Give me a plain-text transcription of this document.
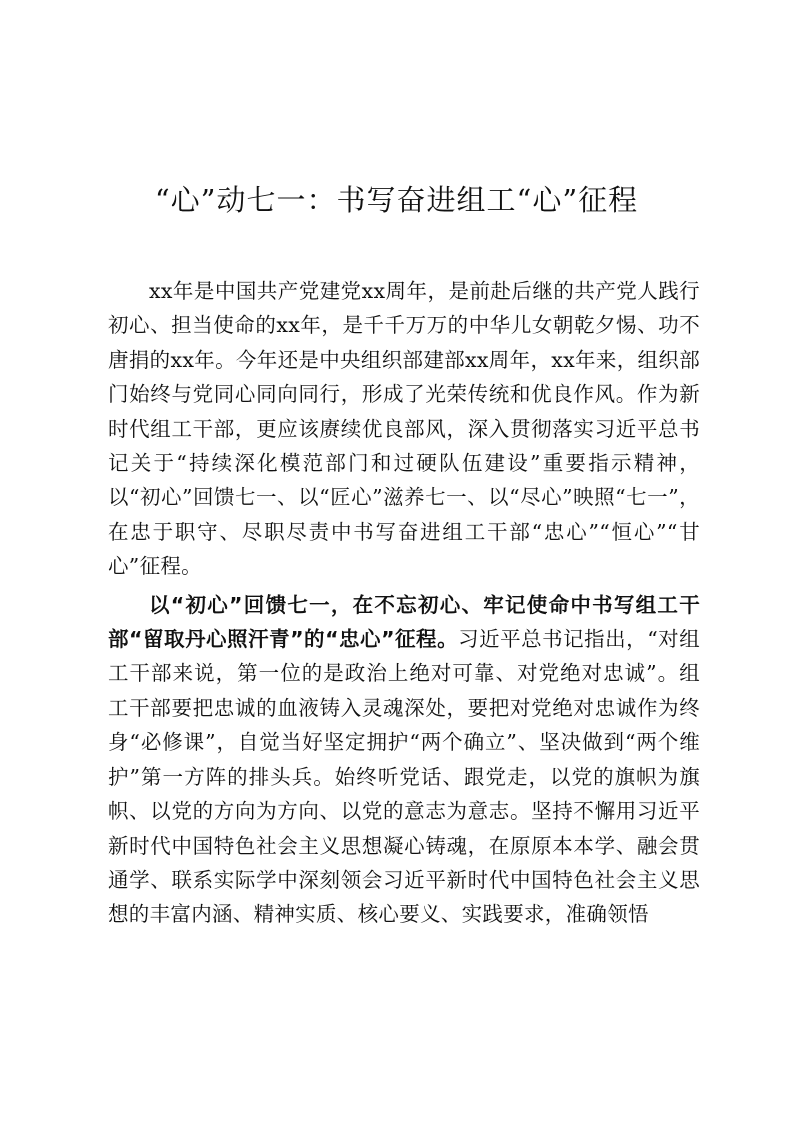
“心”动七一：书写奋进组工“心”征程

xx年是中国共产党建党xx周年，是前赴后继的共产党人践行初心、担当使命的xx年，是千千万万的中华儿女朝乾夕惕、功不唐捐的xx年。今年还是中央组织部建部xx周年，xx年来，组织部门始终与党同心同向同行，形成了光荣传统和优良作风。作为新时代组工干部，更应该赓续优良部风，深入贯彻落实习近平总书记关于“持续深化模范部门和过硬队伍建设”重要指示精神，以“初心”回馈七一、以“匠心”滋养七一、以“尽心”映照“七一”，在忠于职守、尽职尽责中书写奋进组工干部“忠心”“恒心”“甘心”征程。

以“初心”回馈七一，在不忘初心、牢记使命中书写组工干部“留取丹心照汗青”的“忠心”征程。习近平总书记指出，“对组工干部来说，第一位的是政治上绝对可靠、对党绝对忠诚”。组工干部要把忠诚的血液铸入灵魂深处，要把对党绝对忠诚作为终身“必修课”，自觉当好坚定拥护“两个确立”、坚决做到“两个维护”第一方阵的排头兵。始终听党话、跟党走，以党的旗帜为旗帜、以党的方向为方向、以党的意志为意志。坚持不懈用习近平新时代中国特色社会主义思想凝心铸魂，在原原本本学、融会贯通学、联系实际学中深刻领会习近平新时代中国特色社会主义思想的丰富内涵、精神实质、核心要义、实践要求，准确领悟
